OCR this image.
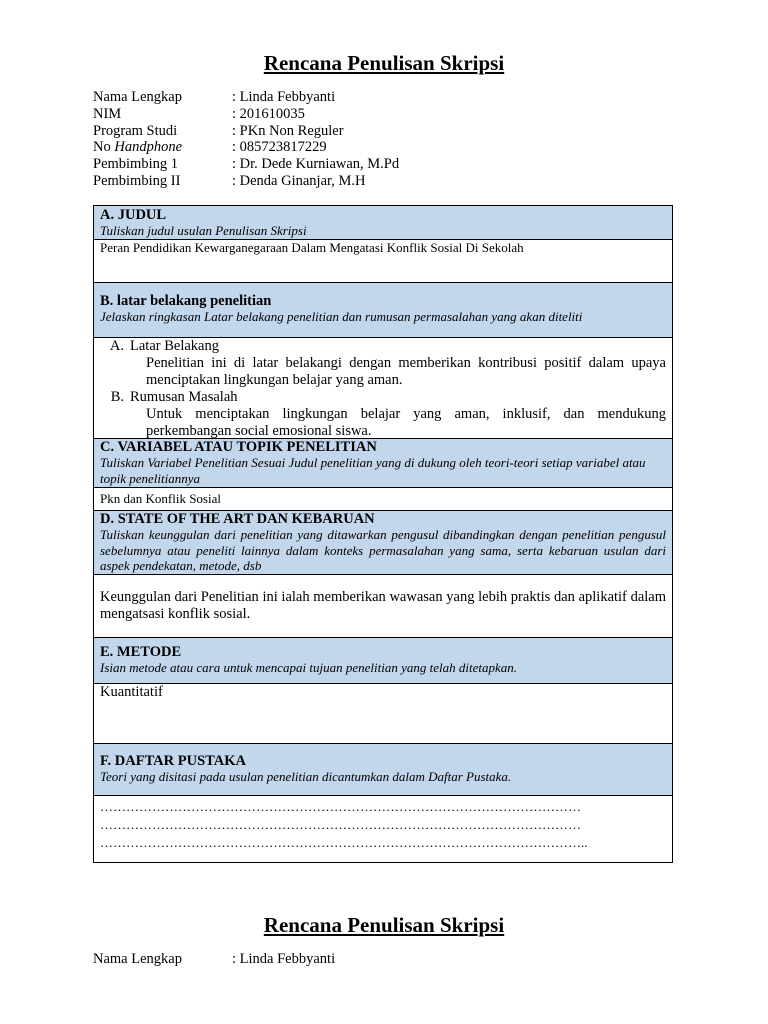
Rencana Penulisan Skripsi
Nama Lengkap	: Linda Febbyanti
NIM	: 201610035
Program Studi	: PKn Non Reguler
No Handphone	: 085723817229
Pembimbing 1	: Dr. Dede Kurniawan, M.Pd
Pembimbing II	: Denda Ginanjar, M.H
A. JUDUL
Tuliskan judul usulan Penulisan Skripsi
Peran Pendidikan Kewarganegaraan Dalam Mengatasi Konflik Sosial Di Sekolah
B. latar belakang penelitian
Jelaskan ringkasan Latar belakang penelitian dan rumusan permasalahan yang akan diteliti
A. Latar Belakang
Penelitian ini di latar belakangi dengan memberikan kontribusi positif dalam upaya menciptakan lingkungan belajar yang aman.
B. Rumusan Masalah
Untuk menciptakan lingkungan belajar yang aman, inklusif, dan mendukung perkembangan social emosional siswa.
C. VARIABEL ATAU TOPIK PENELITIAN
Tuliskan Variabel Penelitian Sesuai Judul penelitian yang di dukung oleh teori-teori setiap variabel atau topik penelitiannya
Pkn dan Konflik Sosial
D. STATE OF THE ART DAN KEBARUAN
Tuliskan keunggulan dari penelitian yang ditawarkan pengusul dibandingkan dengan penelitian pengusul sebelumnya atau peneliti lainnya dalam konteks permasalahan yang sama, serta kebaruan usulan dari aspek pendekatan, metode, dsb
Keunggulan dari Penelitian ini ialah memberikan wawasan yang lebih praktis dan aplikatif dalam mengatsasi konflik sosial.
E. METODE
Isian metode atau cara untuk mencapai tujuan penelitian yang telah ditetapkan.
Kuantitatif
F. DAFTAR PUSTAKA
Teori yang disitasi pada usulan penelitian dicantumkan dalam Daftar Pustaka.
…………………………………………………………………………………………………
…………………………………………………………………………………………………
…………………………………………………………………………………………………..
Rencana Penulisan Skripsi
Nama Lengkap	: Linda Febbyanti
